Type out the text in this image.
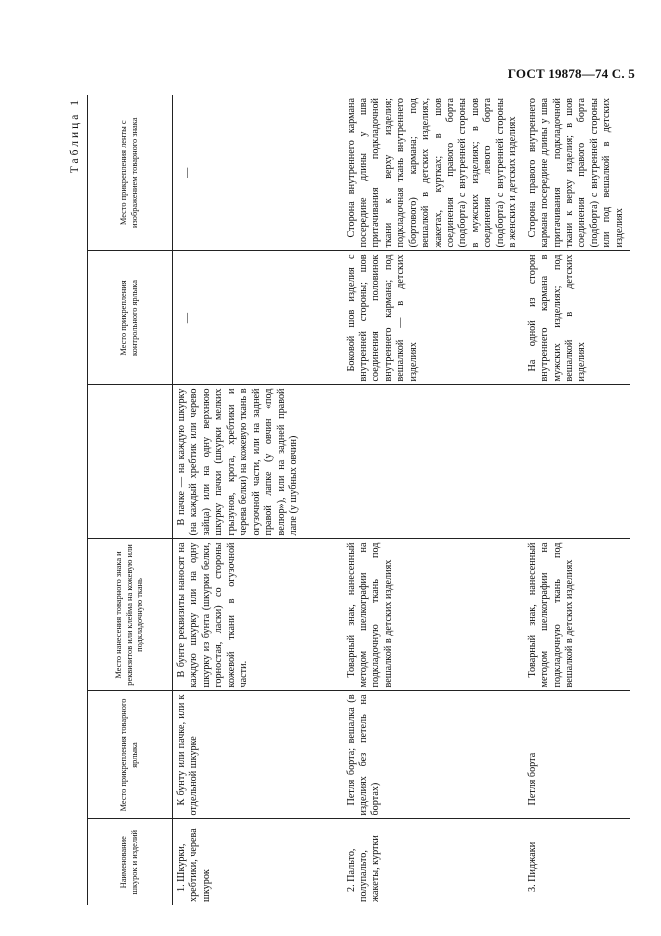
ГОСТ 19878—74 С. 5
Таблица 1
Наименование шкурок и изделий	Место прикрепления товарного ярлыка	Место нанесения товарного знака и реквизитов или клейма на кожевую или подкладочную ткань		Место прикрепления контрольного ярлыка	Место прикрепления ленты с изображением товарного знака

1. Шкурки, хребтики, черева шкурок	К бунту или пачке, или к отдельной шкурке	В бунте реквизиты наносят на каждую шкурку или на одну шкурку из бунта (шкурки белки, горностая, ласки) со стороны кожевой ткани в огузочной части.	В пачке — на каждую шкурку (на каждый хребтик или черево зайца) или на одну верхнюю шкурку пачки (шкурки мелких грызунов, крота, хребтики и черева белки) на кожевую ткань в огузочной части, или на задней правой лапке (у овчин «под велюр»), или на задней правой лапе (у шубных овчин)	—	—

2. Пальто, полупальто, жакеты, куртки	Петля борта; вешалка (в изделиях без петель на бортах)	Товарный знак, нанесенный методом шелкографии на подкладочную ткань под вешалкой в детских изделиях		Боковой шов изделия с внутренней стороны; шов соединения половинок внутреннего кармана; под вешалкой — в детских изделиях	Сторона внутреннего кармана посередине длины у шва притачивания подкладочной ткани к верху изделия; подкладочная ткань внутреннего (бортового) кармана; под вешалкой в детских изделиях, жакетах, куртках; в шов соединения правого борта (подборта) с внутренней стороны в мужских изделиях; в шов соединения левого борта (подборта) с внутренней стороны в женских и детских изделиях

3. Пиджаки	Петля борта	Товарный знак, нанесенный методом шелкографии на подкладочную ткань под вешалкой в детских изделиях		На одной из сторон внутреннего кармана в мужских изделиях; под вешалкой в детских изделиях	Сторона правого внутреннего кармана посередине длины у шва притачивания подкладочной ткани к верху изделия; в шов соединения правого борта (подборта) с внутренней стороны или под вешалкой в детских изделиях
